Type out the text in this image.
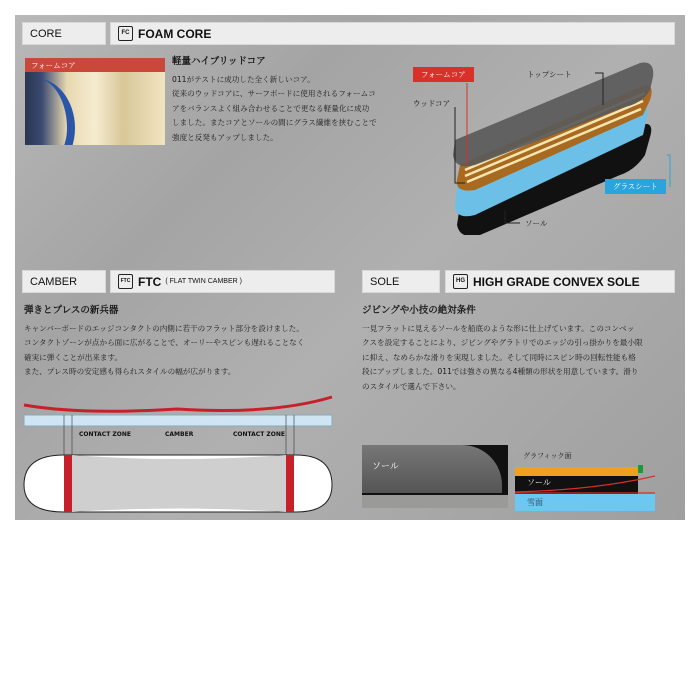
CORE	FC FOAM CORE
フォームコア	軽量ハイブリッドコア
011がテストに成功した全く新しいコア。
従来のウッドコアに、サーフボードに使用されるフォームコ
アをバランスよく組み合わせることで更なる軽量化に成功
しました。またコアとソールの間にグラス繊維を挟むことで
強度と反発もアップしました。
フォームコア	トップシート
ウッドコア
グラスシート
ソール
CAMBER	FTC FTC ( FLAT TWIN CAMBER )	SOLE	HG HIGH GRADE CONVEX SOLE
弾きとプレスの新兵器
キャンバーボードのエッジコンタクトの内側に若干のフラット部分を設けました。
コンタクトゾーンが点から面に広がることで、オーリーやスピンも遅れることなく
確実に弾くことが出来ます。
また、プレス時の安定感も得られスタイルの幅が広がります。
ジビングや小技の絶対条件
一見フラットに見えるソールを船底のような形に仕上げています。このコンベッ
クスを設定することにより、ジビングやグラトリでのエッジの引っ掛かりを最小限
に抑え、なめらかな滑りを実現しました。そして同時にスピン時の回転性能も格
段にアップしました。011では強さの異なる4種類の形状を用意しています。滑り
のスタイルで選んで下さい。
CONTACT ZONE	CAMBER	CONTACT ZONE
ソール
グラフィック面
ソール
雪面
